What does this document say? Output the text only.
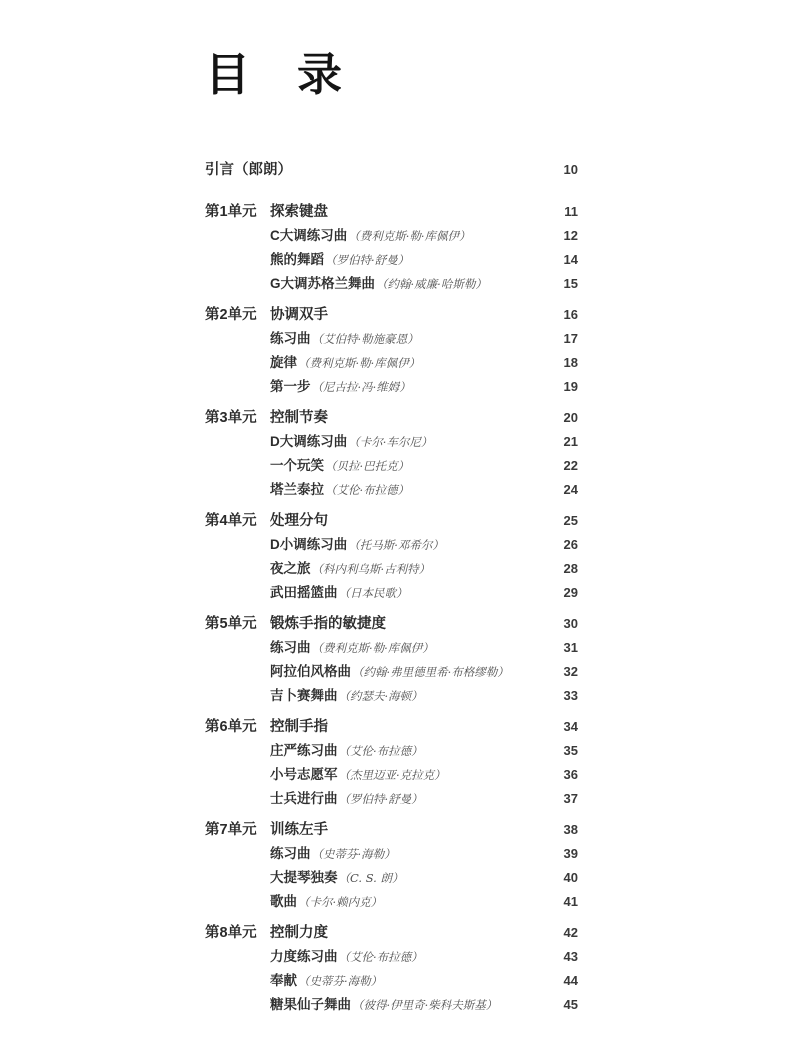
目　录
引言（郎朗）	10
第1单元 探索键盘	11
C大调练习曲 （费利克斯·勒·库佩伊）	12
熊的舞蹈 （罗伯特·舒曼）	14
G大调苏格兰舞曲 （约翰·威廉·哈斯勒）	15
第2单元 协调双手	16
练习曲 （艾伯特·勒施豪恩）	17
旋律 （费利克斯·勒·库佩伊）	18
第一步 （尼古拉·冯·维姆）	19
第3单元 控制节奏	20
D大调练习曲 （卡尔·车尔尼）	21
一个玩笑 （贝拉·巴托克）	22
塔兰泰拉 （艾伦·布拉德）	24
第4单元 处理分句	25
D小调练习曲 （托马斯·邓希尔）	26
夜之旅 （科内利乌斯·古利特）	28
武田摇篮曲 （日本民歌）	29
第5单元 锻炼手指的敏捷度	30
练习曲 （费利克斯·勒·库佩伊）	31
阿拉伯风格曲 （约翰·弗里德里希·布格缪勒）	32
吉卜赛舞曲 （约瑟夫·海顿）	33
第6单元 控制手指	34
庄严练习曲 （艾伦·布拉德）	35
小号志愿军 （杰里迈亚·克拉克）	36
士兵进行曲 （罗伯特·舒曼）	37
第7单元 训练左手	38
练习曲 （史蒂芬·海勒）	39
大提琴独奏 （C. S. 朗）	40
歌曲 （卡尔·赖内克）	41
第8单元 控制力度	42
力度练习曲 （艾伦·布拉德）	43
奉献 （史蒂芬·海勒）	44
糖果仙子舞曲 （彼得·伊里奇·柴科夫斯基）	45
